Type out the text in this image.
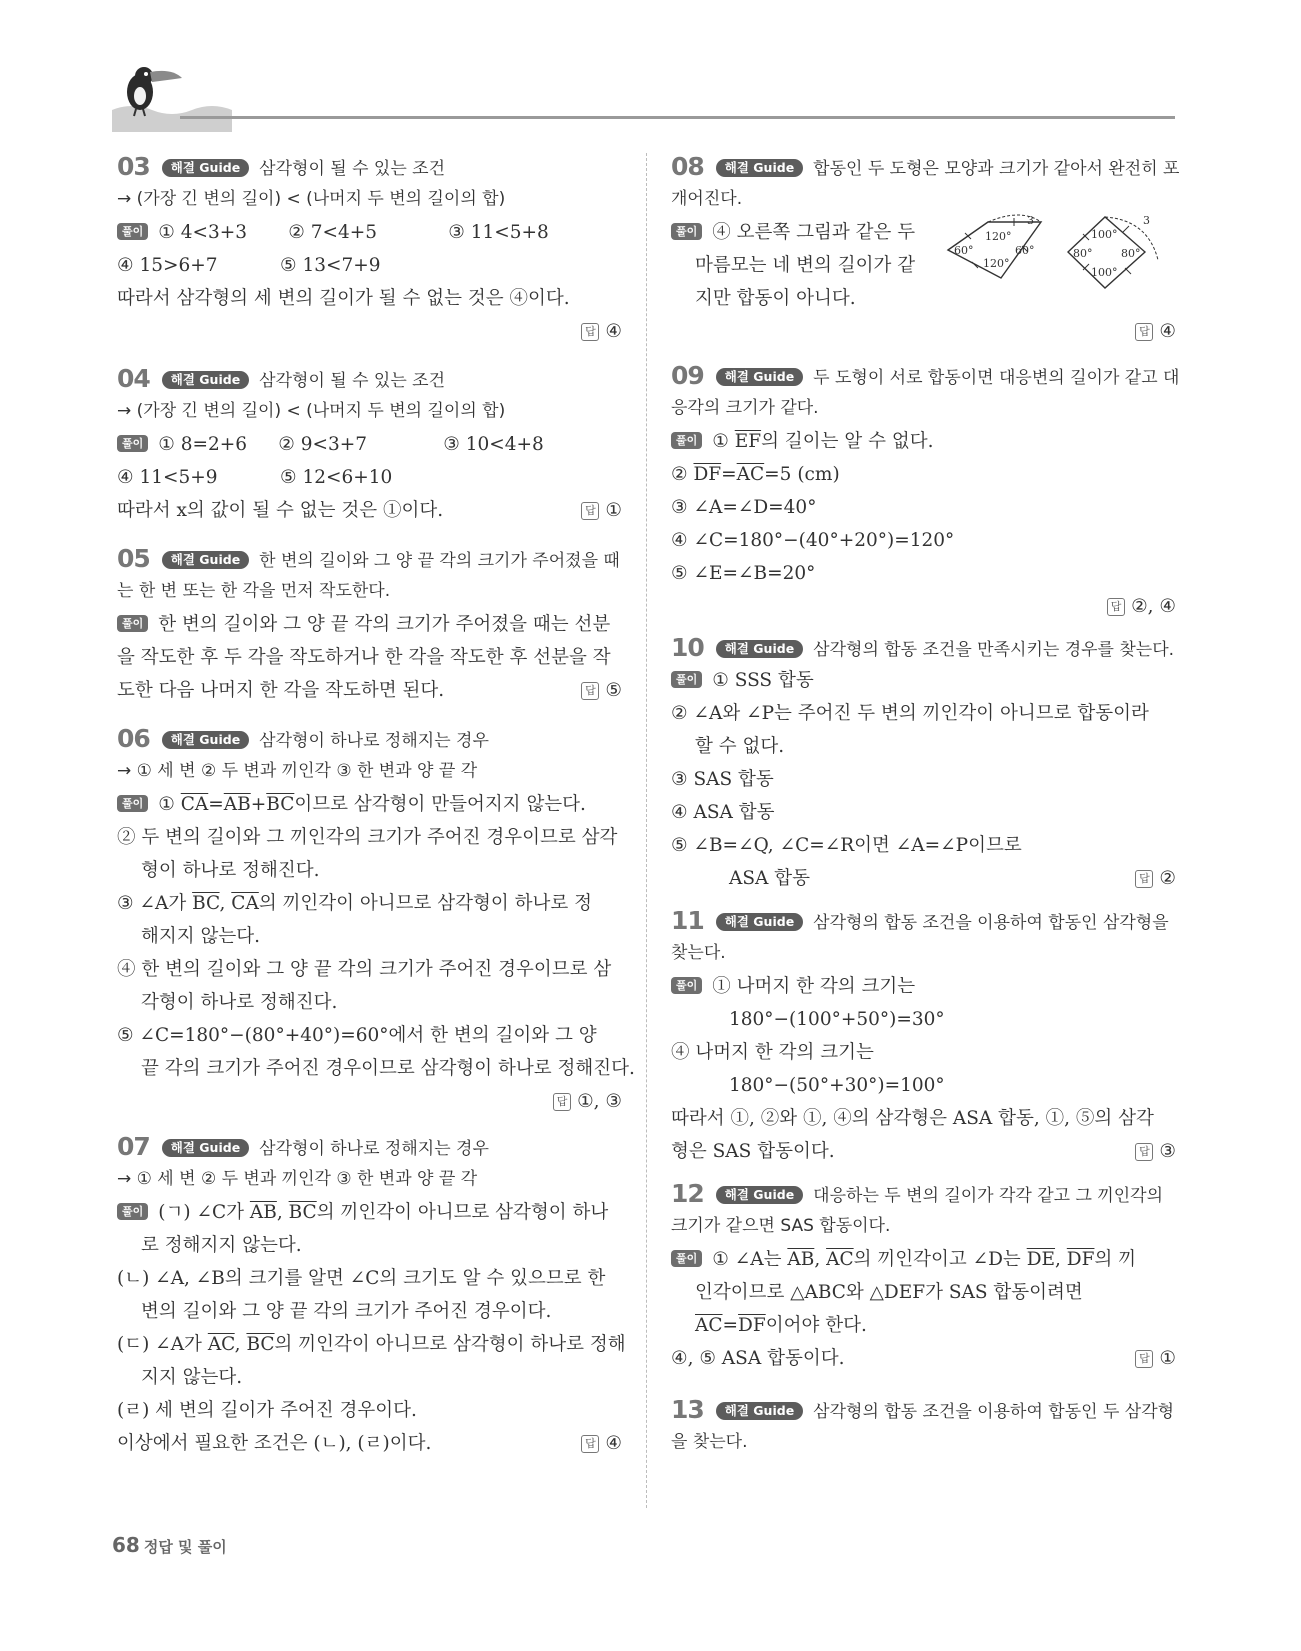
03 해결 Guide 삼각형이 될 수 있는 조건
→ (가장 긴 변의 길이) < (나머지 두 변의 길이의 합)
풀이 ① 4<3+3 ② 7<4+5	③ 11<5+8
④ 15>6+7	⑤ 13<7+9
따라서 삼각형의 세 변의 길이가 될 수 없는 것은 ④이다.
답 ④
04 해결 Guide 삼각형이 될 수 있는 조건
→ (가장 긴 변의 길이) < (나머지 두 변의 길이의 합)
풀이 ① 8=2+6 ② 9<3+7	③ 10<4+8
④ 11<5+9	⑤ 12<6+10
따라서 x의 값이 될 수 없는 것은 ①이다.	답 ①
05 해결 Guide 한 변의 길이와 그 양 끝 각의 크기가 주어졌을 때
는 한 변 또는 한 각을 먼저 작도한다.
풀이 한 변의 길이와 그 양 끝 각의 크기가 주어졌을 때는 선분
을 작도한 후 두 각을 작도하거나 한 각을 작도한 후 선분을 작
도한 다음 나머지 한 각을 작도하면 된다.	답 ⑤
06 해결 Guide 삼각형이 하나로 정해지는 경우
→ ① 세 변 ② 두 변과 끼인각 ③ 한 변과 양 끝 각
풀이 ① $\overline{CA}=\overline{AB}+\overline{BC}$이므로 삼각형이 만들어지지 않는다.
② 두 변의 길이와 그 끼인각의 크기가 주어진 경우이므로 삼각
형이 하나로 정해진다.
③ ∠A가 $\overline{BC}$, $\overline{CA}$의 끼인각이 아니므로 삼각형이 하나로 정
해지지 않는다.
④ 한 변의 길이와 그 양 끝 각의 크기가 주어진 경우이므로 삼
각형이 하나로 정해진다.
⑤ ∠C=180°−(80°+40°)=60°에서 한 변의 길이와 그 양
끝 각의 크기가 주어진 경우이므로 삼각형이 하나로 정해진다.
답 ①, ③
07 해결 Guide 삼각형이 하나로 정해지는 경우
→ ① 세 변 ② 두 변과 끼인각 ③ 한 변과 양 끝 각
풀이 (ㄱ) ∠C가 $\overline{AB}$, $\overline{BC}$의 끼인각이 아니므로 삼각형이 하나
로 정해지지 않는다.
(ㄴ) ∠A, ∠B의 크기를 알면 ∠C의 크기도 알 수 있으므로 한
변의 길이와 그 양 끝 각의 크기가 주어진 경우이다.
(ㄷ) ∠A가 $\overline{AC}$, $\overline{BC}$의 끼인각이 아니므로 삼각형이 하나로 정해
지지 않는다.
(ㄹ) 세 변의 길이가 주어진 경우이다.
이상에서 필요한 조건은 (ㄴ), (ㄹ)이다.	답 ④
08 해결 Guide 합동인 두 도형은 모양과 크기가 같아서 완전히 포
개어진다.
풀이 ④ 오른쪽 그림과 같은 두
마름모는 네 변의 길이가 같
지만 합동이 아니다.
답 ④
120°
120°
60°	60°
3
100°
100°
80°	80°
3
09 해결 Guide 두 도형이 서로 합동이면 대응변의 길이가 같고 대
응각의 크기가 같다.
풀이 ① $\overline{EF}$의 길이는 알 수 없다.
② $\overline{DF}=\overline{AC}=5$ (cm)
③ ∠A=∠D=40°
④ ∠C=180°−(40°+20°)=120°
⑤ ∠E=∠B=20°
답 ②, ④
10 해결 Guide 삼각형의 합동 조건을 만족시키는 경우를 찾는다.
풀이 ① SSS 합동
② ∠A와 ∠P는 주어진 두 변의 끼인각이 아니므로 합동이라
할 수 없다.
③ SAS 합동
④ ASA 합동
⑤ ∠B=∠Q, ∠C=∠R이면 ∠A=∠P이므로
ASA 합동	답 ②
11 해결 Guide 삼각형의 합동 조건을 이용하여 합동인 삼각형을
찾는다.
풀이 ① 나머지 한 각의 크기는
180°−(100°+50°)=30°
④ 나머지 한 각의 크기는
180°−(50°+30°)=100°
따라서 ①, ②와 ①, ④의 삼각형은 ASA 합동, ①, ⑤의 삼각
형은 SAS 합동이다.	답 ③
12 해결 Guide 대응하는 두 변의 길이가 각각 같고 그 끼인각의
크기가 같으면 SAS 합동이다.
풀이 ① ∠A는 $\overline{AB}$, $\overline{AC}$의 끼인각이고 ∠D는 $\overline{DE}$, $\overline{DF}$의 끼
인각이므로 △ABC와 △DEF가 SAS 합동이려면
$\overline{AC}=\overline{DF}$이어야 한다.
④, ⑤ ASA 합동이다.	답 ①
13 해결 Guide 삼각형의 합동 조건을 이용하여 합동인 두 삼각형
을 찾는다.
68 정답 및 풀이
